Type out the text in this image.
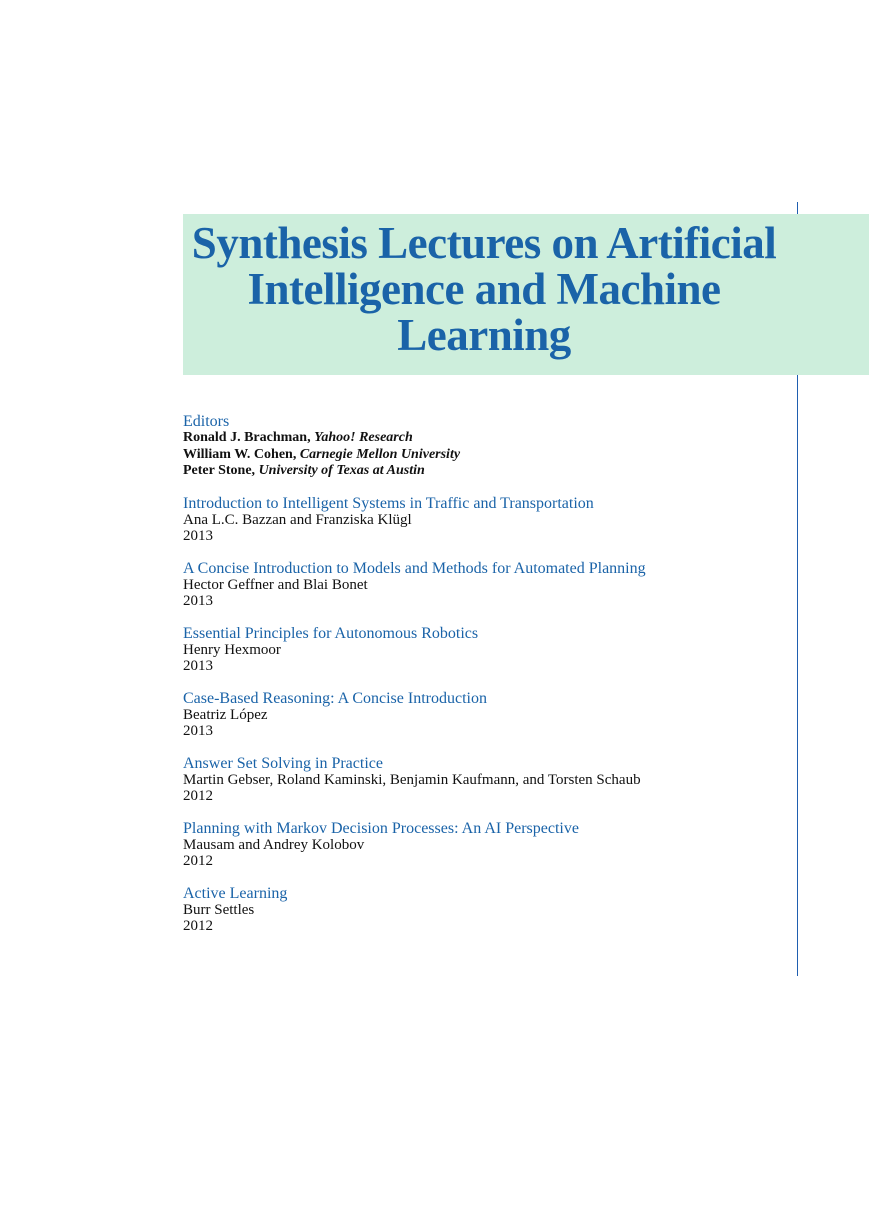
Synthesis Lectures on Artificial Intelligence and Machine Learning
Editors
Ronald J. Brachman, Yahoo! Research
William W. Cohen, Carnegie Mellon University
Peter Stone, University of Texas at Austin
Introduction to Intelligent Systems in Traffic and Transportation
Ana L.C. Bazzan and Franziska Klügl
2013
A Concise Introduction to Models and Methods for Automated Planning
Hector Geffner and Blai Bonet
2013
Essential Principles for Autonomous Robotics
Henry Hexmoor
2013
Case-Based Reasoning: A Concise Introduction
Beatriz López
2013
Answer Set Solving in Practice
Martin Gebser, Roland Kaminski, Benjamin Kaufmann, and Torsten Schaub
2012
Planning with Markov Decision Processes: An AI Perspective
Mausam and Andrey Kolobov
2012
Active Learning
Burr Settles
2012
